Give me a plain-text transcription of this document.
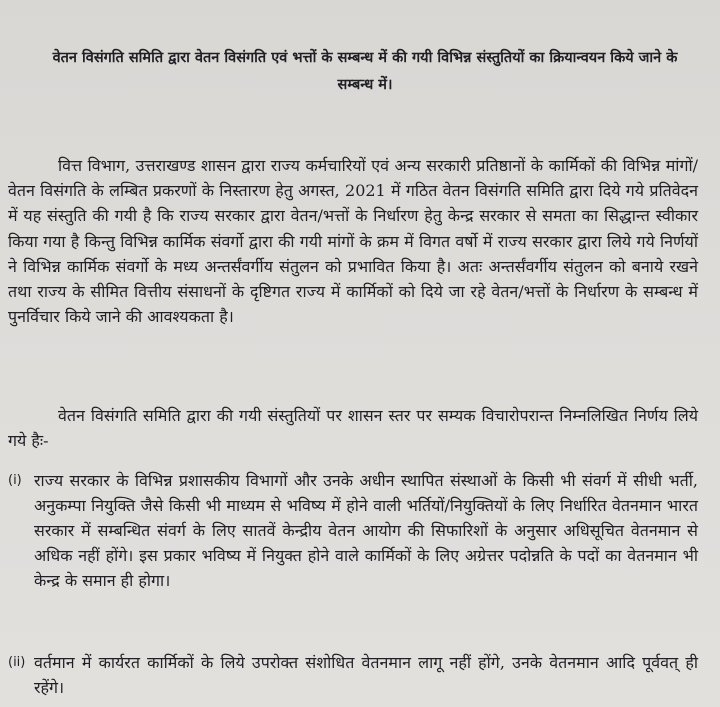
वेतन विसंगति समिति द्वारा वेतन विसंगति एवं भत्तों के सम्बन्ध में की गयी विभिन्न संस्तुतियों का क्रियान्वयन किये जाने के सम्बन्ध में।
वित्त विभाग, उत्तराखण्ड शासन द्वारा राज्य कर्मचारियों एवं अन्य सरकारी प्रतिष्ठानों के कार्मिकों की विभिन्न मांगों/वेतन विसंगति के लम्बित प्रकरणों के निस्तारण हेतु अगस्त, 2021 में गठित वेतन विसंगति समिति द्वारा दिये गये प्रतिवेदन में यह संस्तुति की गयी है कि राज्य सरकार द्वारा वेतन/भत्तों के निर्धारण हेतु केन्द्र सरकार से समता का सिद्धान्त स्वीकार किया गया है किन्तु विभिन्न कार्मिक संवर्गो द्वारा की गयी मांगों के क्रम में विगत वर्षो में राज्य सरकार द्वारा लिये गये निर्णयों ने विभिन्न कार्मिक संवर्गो के मध्य अन्तर्संवर्गीय संतुलन को प्रभावित किया है। अतः अन्तर्संवर्गीय संतुलन को बनाये रखने तथा राज्य के सीमित वित्तीय संसाधनों के दृष्टिगत राज्य में कार्मिकों को दिये जा रहे वेतन/भत्तों के निर्धारण के सम्बन्ध में पुनर्विचार किये जाने की आवश्यकता है।
वेतन विसंगति समिति द्वारा की गयी संस्तुतियों पर शासन स्तर पर सम्यक विचारोपरान्त निम्नलिखित निर्णय लिये गये हैः-
(i) राज्य सरकार के विभिन्न प्रशासकीय विभागों और उनके अधीन स्थापित संस्थाओं के किसी भी संवर्ग में सीधी भर्ती, अनुकम्पा नियुक्ति जैसे किसी भी माध्यम से भविष्य में होने वाली भर्तियों/नियुक्तियों के लिए निर्धारित वेतनमान भारत सरकार में सम्बन्धित संवर्ग के लिए सातवें केन्द्रीय वेतन आयोग की सिफारिशों के अनुसार अधिसूचित वेतनमान से अधिक नहीं होंगे। इस प्रकार भविष्य में नियुक्त होने वाले कार्मिकों के लिए अग्रेत्तर पदोन्नति के पदों का वेतनमान भी केन्द्र के समान ही होगा।
(ii) वर्तमान में कार्यरत कार्मिकों के लिये उपरोक्त संशोधित वेतनमान लागू नहीं होंगे, उनके वेतनमान आदि पूर्ववत् ही रहेंगे।
